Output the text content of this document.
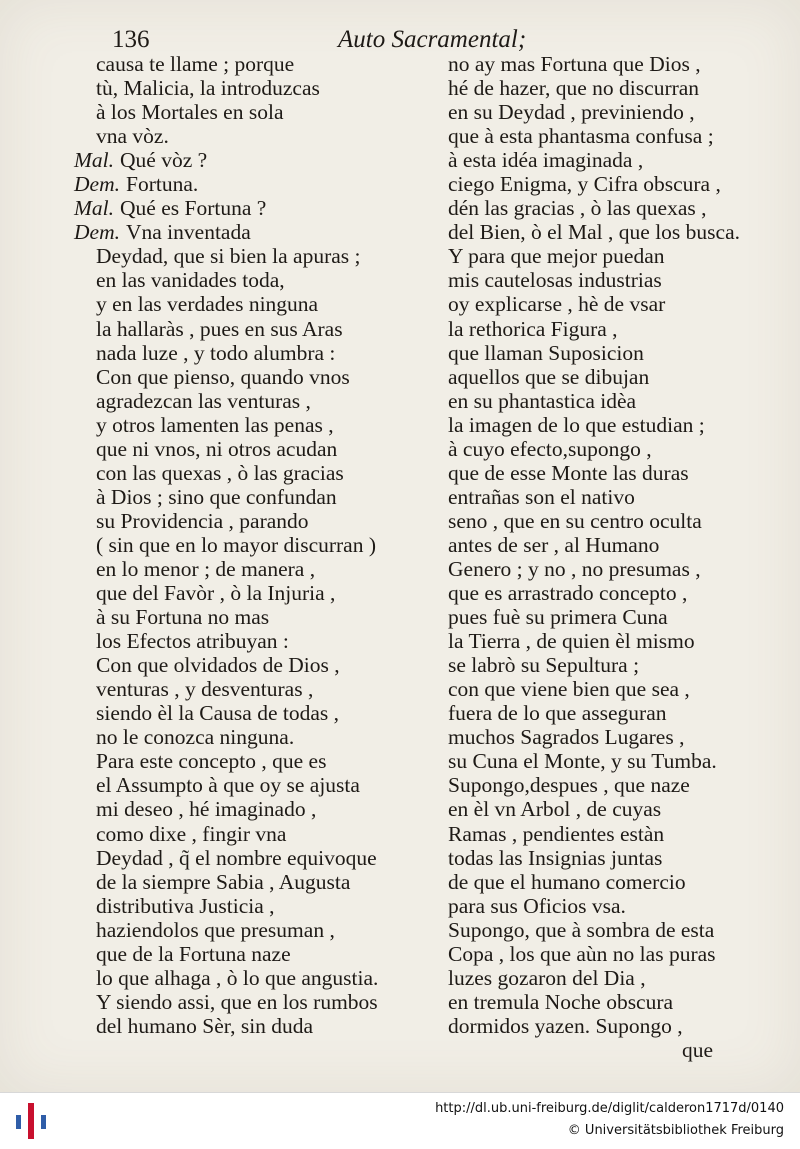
136	Auto Sacramental;
causa te llame ; porque
tù, Malicia, la introduzcas
à los Mortales en sola
vna vòz.
Mal. Qué vòz ?
Dem. Fortuna.
Mal. Qué es Fortuna ?
Dem. Vna inventada
Deydad, que si bien la apuras ;
en las vanidades toda,
y en las verdades ninguna
la hallaràs , pues en sus Aras
nada luze , y todo alumbra :
Con que pienso, quando vnos
agradezcan las venturas ,
y otros lamenten las penas ,
que ni vnos, ni otros acudan
con las quexas , ò las gracias
à Dios ; sino que confundan
su Providencia , parando
( sin que en lo mayor discurran )
en lo menor ; de manera ,
que del Favòr , ò la Injuria ,
à su Fortuna no mas
los Efectos atribuyan :
Con que olvidados de Dios ,
venturas , y desventuras ,
siendo èl la Causa de todas ,
no le conozca ninguna.
Para este concepto , que es
el Assumpto à que oy se ajusta
mi deseo , hé imaginado ,
como dixe , fingir vna
Deydad , q̃ el nombre equivoque
de la siempre Sabia , Augusta
distributiva Justicia ,
haziendolos que presuman ,
que de la Fortuna naze
lo que alhaga , ò lo que angustia.
Y siendo assi, que en los rumbos
del humano Sèr, sin duda
no ay mas Fortuna que Dios ,
hé de hazer, que no discurran
en su Deydad , previniendo ,
que à esta phantasma confusa ;
à esta idéa imaginada ,
ciego Enigma, y Cifra obscura ,
dén las gracias , ò las quexas ,
del Bien, ò el Mal , que los busca.
Y para que mejor puedan
mis cautelosas industrias
oy explicarse , hè de vsar
la rethorica Figura ,
que llaman Suposicion
aquellos que se dibujan
en su phantastica idèa
la imagen de lo que estudian ;
à cuyo efecto,supongo ,
que de esse Monte las duras
entrañas son el nativo
seno , que en su centro oculta
antes de ser , al Humano
Genero ; y no , no presumas ,
que es arrastrado concepto ,
pues fuè su primera Cuna
la Tierra , de quien èl mismo
se labrò su Sepultura ;
con que viene bien que sea ,
fuera de lo que asseguran
muchos Sagrados Lugares ,
su Cuna el Monte, y su Tumba.
Supongo,despues , que naze
en èl vn Arbol , de cuyas
Ramas , pendientes estàn
todas las Insignias juntas
de que el humano comercio
para sus Oficios vsa.
Supongo, que à sombra de esta
Copa , los que aùn no las puras
luzes gozaron del Dia ,
en tremula Noche obscura
dormidos yazen. Supongo ,
que
http://dl.ub.uni-freiburg.de/diglit/calderon1717d/0140
© Universitätsbibliothek Freiburg
